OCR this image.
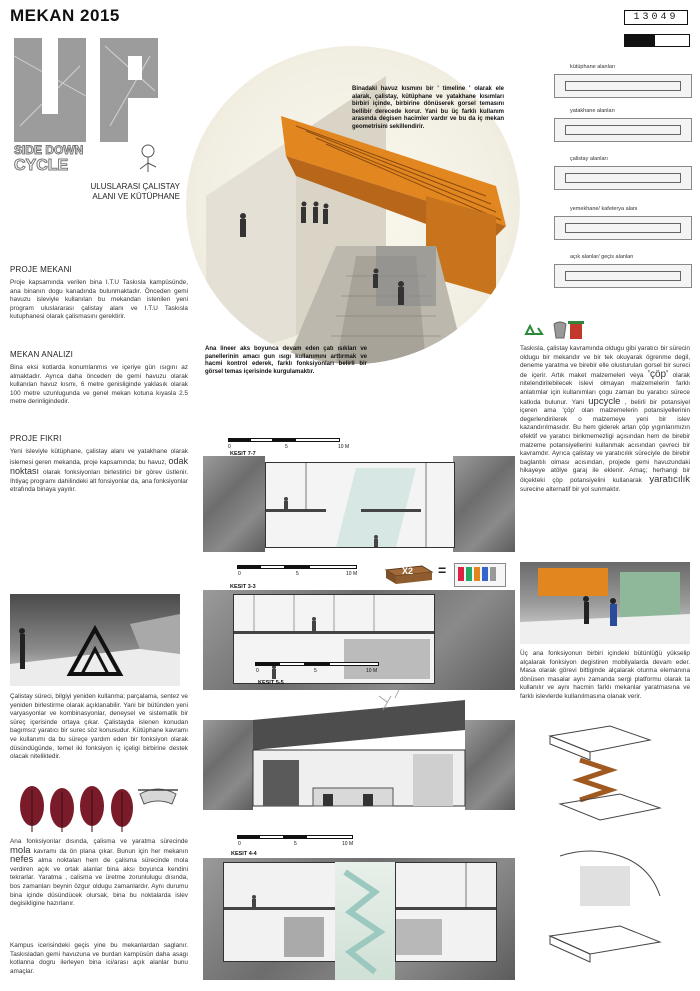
MEKAN 2015	13049
SIDE DOWN
CYCLE
ULUSLARASI ÇALISTAY
ALANI VE KÜTÜPHANE
Binadaki havuz kısmını bir ' timeline ' olarak ele alarak, çalistay, kütüphane ve yatakhane kısımları birbiri içinde, birbirine dönüserek gorsel temasını bellibir derecede korur. Yani bu üç farklı kullanım arasında degisen hacimler vardır ve bu da iç mekan geometrisini sekillendirir.
Ana lineer aks boyunca devam eden çatı ısıkları ve panellerinin amacı gun ısıgı kullanımını arttırmak ve hacmi kontrol ederek, farklı fonksiyonları belirli bir görsel temas içerisinde kurgulamaktır.
kütüphane alanları
yatakhane alanları
çalistay alanları
yemekhane/ kafeterya alanı
açık alanlar/ geçis alanları
PROJE MEKANI
Proje kapsamında verilen bina I.T.U Taskısla kampüsünde, ana binanın dogu kanadında bulunmaktadır. Önceden gemi havuzu isleviyle kullanılan bu mekandan istenilen yeni program uluslararası çalistay alanı ve I.T.U Taskısla kutuphanesi olarak çalismasını gerektirir.
MEKAN ANALIZI
Bina eksi kotlarda konumlanmıs ve içeriye gün ısıgını az almaktadır. Ayrıca daha önceden de gemi havuzu olarak kullanılan havuz kısmı, 6 metre genisliginde yaklasık olarak 100 metre uzunlugunda ve genel mekan kotuna kıyasla 2.5 metre derinligindedir.
PROJE FIKRI
Yeni isleviyle kütüphane, çalistay alanı ve yatakhane olarak islemesi geren mekanda, proje kapsamında; bu havuz, odak noktası olarak fonksiyonları birlestirici bir görev üstlenir. Ihtiyaç programı dahilindeki alt fonsiyonlar da, ana fonksiyonlar etrafında binaya yayılır.
Çalistay süreci, bilgiyi yeniden kullanma; parçalama, sentez ve yeniden birlestirme olarak açıklanabilir. Yani bir bütünden yeni varyasyonlar ve kombinasyonlar, deneysel ve sistematik bir süreç içerisinde ortaya çıkar. Çalistayda islenen konudan bagımsız yaratıcı bir surec söz konusudur. Kütüphane kavramı ve kullanımı da bu süreçe yardım eden bir fonksiyon olarak düsündügünde, temel iki fonksiyon iç içeligi birbirine destek olacak niteliktedir.
Ana fonksiyonlar dısında, çalisma ve yaratma sürecinde mola kavramı da ön plana çıkar. Bunun için her mekanın nefes alma noktaları hem de çalisma sürecinde mola verdiren açık ve ortak alanlar bina aksı boyunca kendini tekrarlar. Yaratma , calisma ve üretme zorunlulugu dısında, bos zamanları beynin özgur oldugu zamanlardır. Aynı durumu bina içinde düsündücek olursak, bina bu noktalarda islev degisikligine hazırlanır.
Kampus icerisindeki geçis yine bu mekanlardan saglanır. Taskısladan gemi havuzuna ve burdan kampüsün daha asagı kotlanna dogru ilerleyen bina ici/arası açık alanlar bunu amaçlar.
0	5	10 M
KESIT 7-7
0	5	10 M
KESIT 3-3
X2 =
0	5	10 M
KESIT 5-5
0	5	10 M
KESIT 4-4
Taskısla, çalistay kavramında oldugu gibi yaratıcı bir sürecin oldugu bir mekandır ve bir tek okuyarak ögrenme degil, deneme yaratma ve birebir elle olusturulan gorsel bir sureci de içerir. Artık maket malzemeleri veya 'çöp' olarak nitelendirilebilecek islevi olmayan malzemelerin farklı anlatımlar için kullanımları çogu zaman bu yaratıcı sürece katkıda bulunur. Yani upcycle , belirli bir potansiyel içeren ama 'çöp' olan malzemelerin potansiyellerinin degerlendirilerek o malzemeye yeni bir islev kazandırılmasıdır. Bu hem giderek artan çöp yıgınlarımızın efektif ve yaratıcı birikmemezligi açısından hem de birebir malzeme potansiyellerini kullanmak acısından çevreci bir kavramdır. Ayrıca çalistay ve yaratıcılık süreciyle de birebir baglantılı olması acısından, projede gemi havuzundaki hikayeye atölye garaj ile eklenir. Amaç; herhangi bir ölçekteki çöp potansiyelini kullanarak yaratıcılık surecine alternatif bir yol sunmaktır.
Üç ana fonksiyonun birbiri içindeki bütünlüğü yükselip alçalarak fonksiyon degistiren mobilyalarda devam eder. Masa olarak görevi bittiginde alçalarak oturma elemanına dönüsen masalar aynı zamanda sergi platformu olarak ta kullanılır ve aynı hacmin farklı mekanlar yaratmasına ve farklı islevlerde kullanılmasına olanak verir.
